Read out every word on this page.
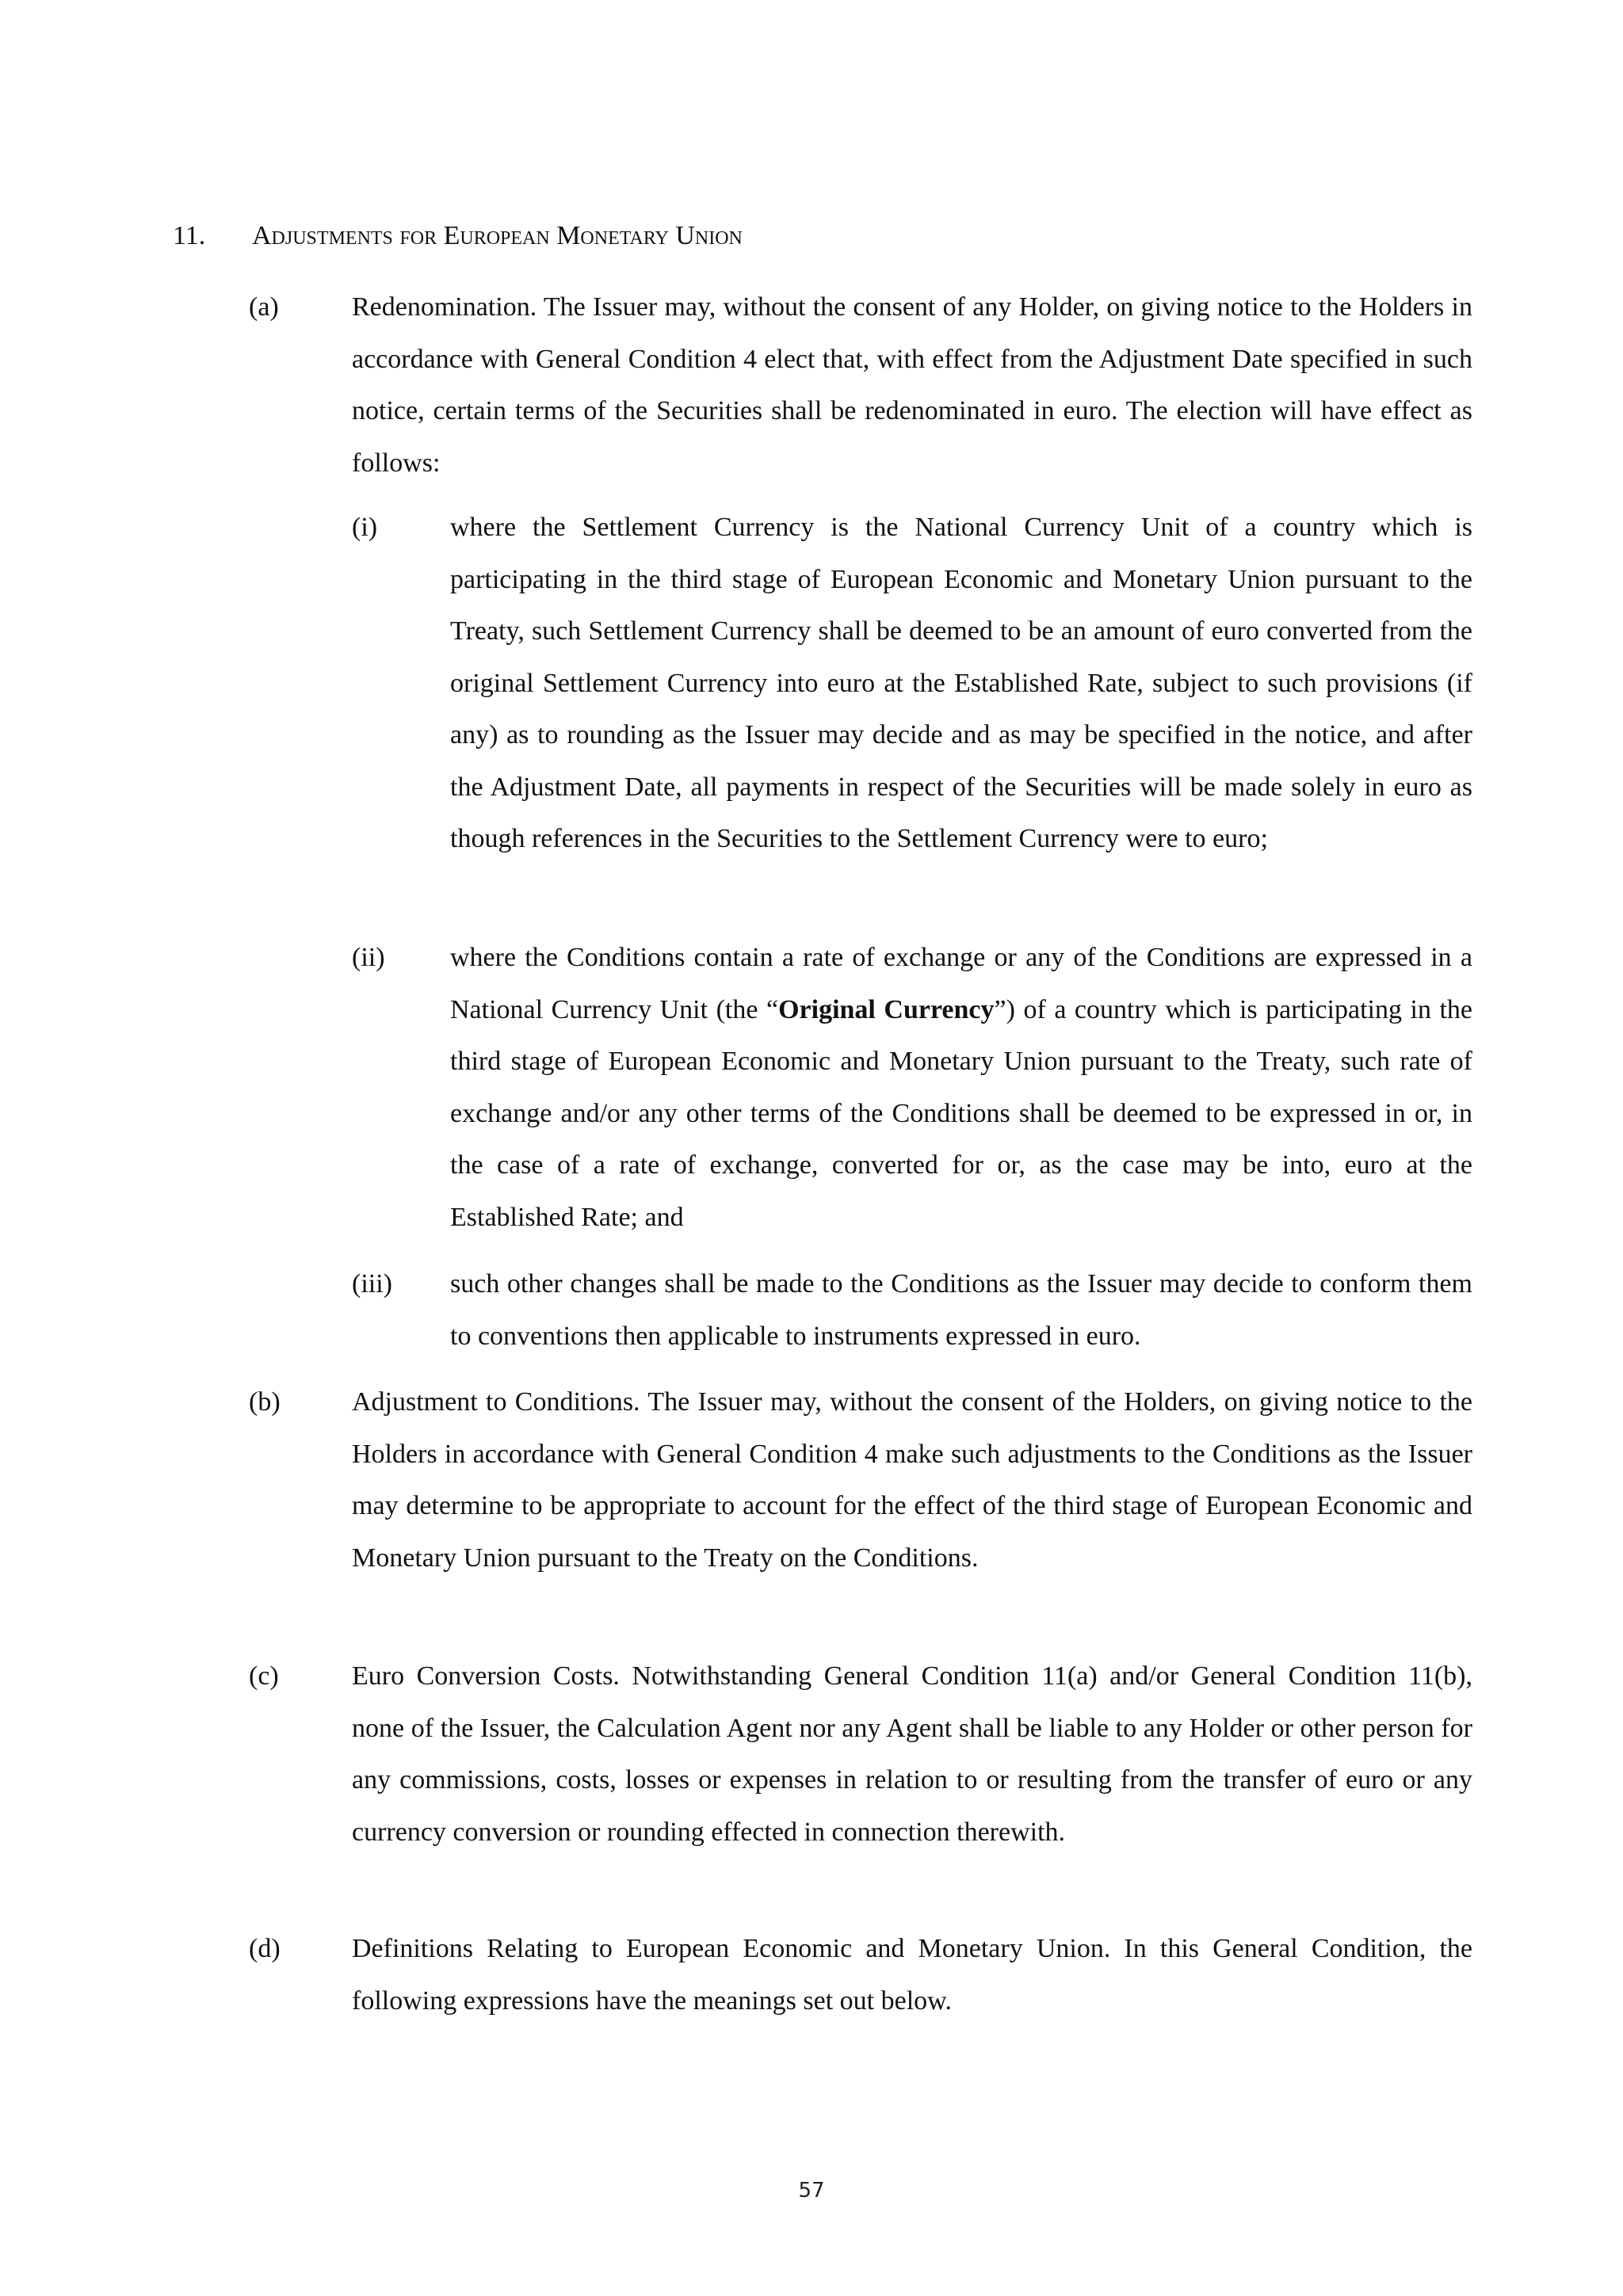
11. Adjustments for European Monetary Union
(a)	Redenomination. The Issuer may, without the consent of any Holder, on giving notice to the Holders in accordance with General Condition 4 elect that, with effect from the Adjustment Date specified in such notice, certain terms of the Securities shall be redenominated in euro. The election will have effect as follows:
(i)	where the Settlement Currency is the National Currency Unit of a country which is participating in the third stage of European Economic and Monetary Union pursuant to the Treaty, such Settlement Currency shall be deemed to be an amount of euro converted from the original Settlement Currency into euro at the Established Rate, subject to such provisions (if any) as to rounding as the Issuer may decide and as may be specified in the notice, and after the Adjustment Date, all payments in respect of the Securities will be made solely in euro as though references in the Securities to the Settlement Currency were to euro;
(ii) where the Conditions contain a rate of exchange or any of the Conditions are expressed in a National Currency Unit (the “Original Currency”) of a country which is participating in the third stage of European Economic and Monetary Union pursuant to the Treaty, such rate of exchange and/or any other terms of the Conditions shall be deemed to be expressed in or, in the case of a rate of exchange, converted for or, as the case may be into, euro at the Established Rate; and
(iii) such other changes shall be made to the Conditions as the Issuer may decide to conform them to conventions then applicable to instruments expressed in euro.
(b)	Adjustment to Conditions. The Issuer may, without the consent of the Holders, on giving notice to the Holders in accordance with General Condition 4 make such adjustments to the Conditions as the Issuer may determine to be appropriate to account for the effect of the third stage of European Economic and Monetary Union pursuant to the Treaty on the Conditions.
(c)	Euro Conversion Costs. Notwithstanding General Condition 11(a) and/or General Condition 11(b), none of the Issuer, the Calculation Agent nor any Agent shall be liable to any Holder or other person for any commissions, costs, losses or expenses in relation to or resulting from the transfer of euro or any currency conversion or rounding effected in connection therewith.
(d)	Definitions Relating to European Economic and Monetary Union. In this General Condition, the following expressions have the meanings set out below.
57
